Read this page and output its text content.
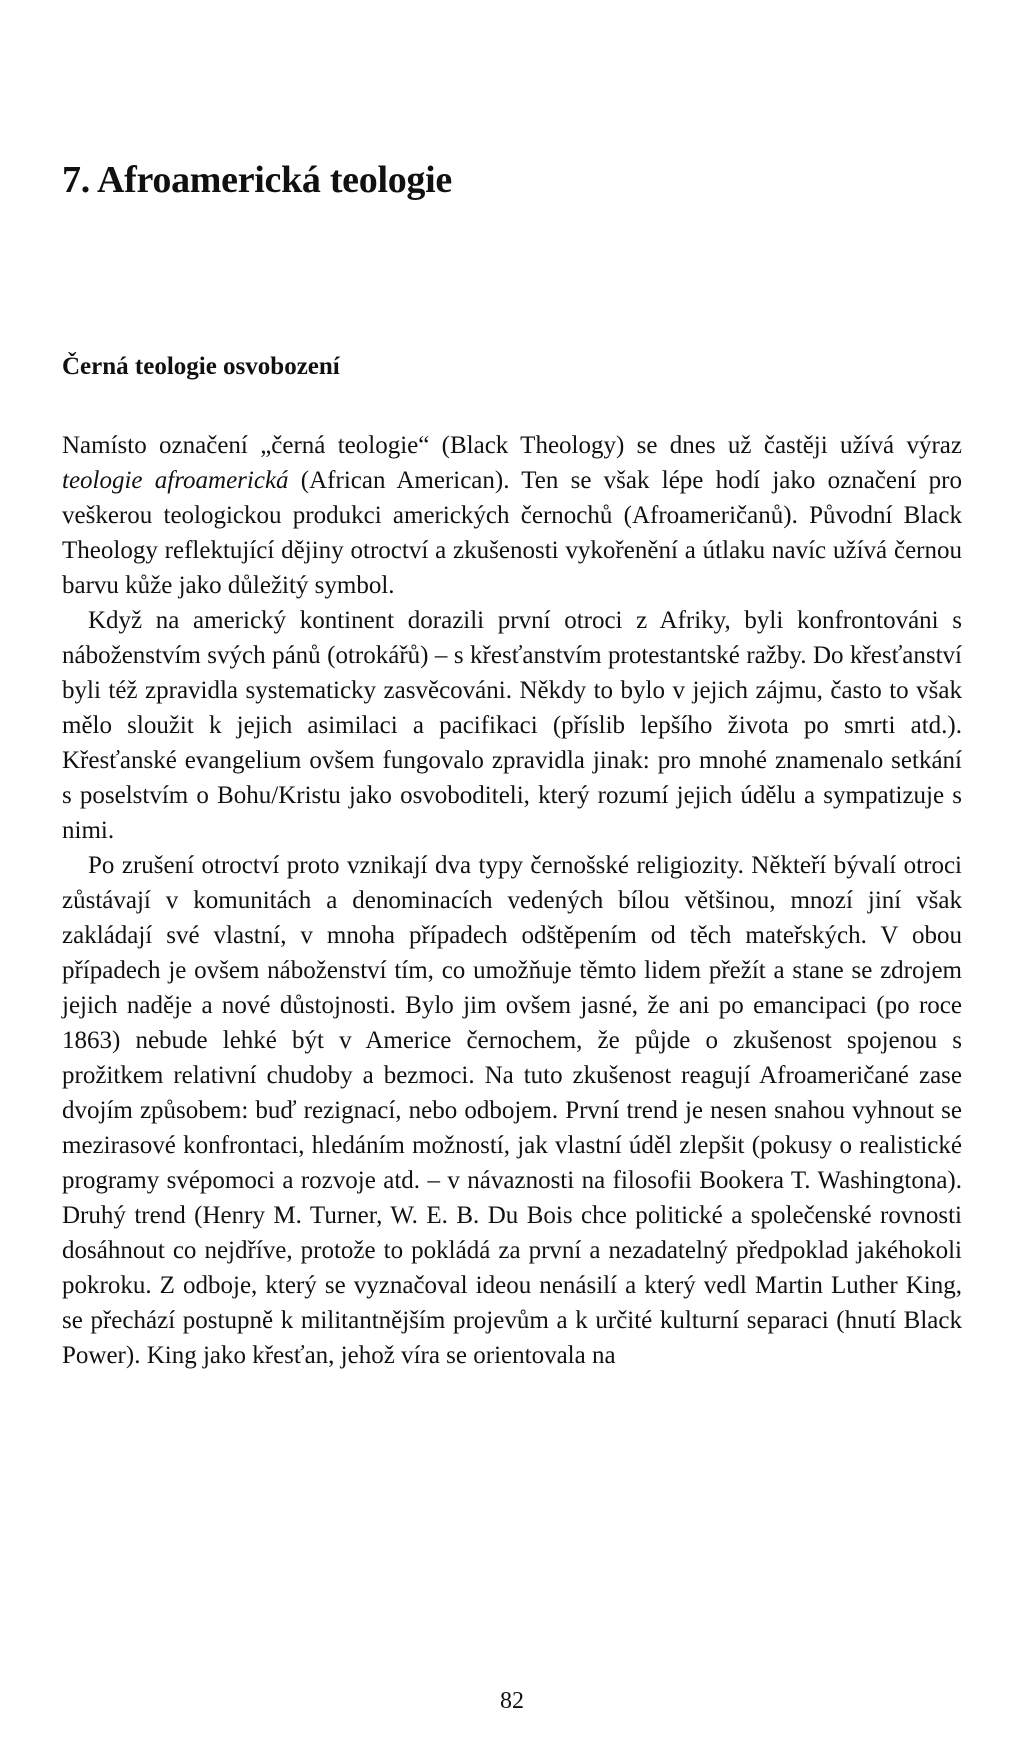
7. Afroamerická teologie
Černá teologie osvobození

Namísto označení „černá teologie“ (Black Theology) se dnes už častěji užívá výraz teologie afroamerická (African American). Ten se však lépe hodí jako označení pro veškerou teologickou produkci amerických černochů (Afroameričanů). Původní Black Theology reflektující dějiny otroctví a zkušenosti vykořenění a útlaku navíc užívá černou barvu kůže jako důležitý symbol.

Když na americký kontinent dorazili první otroci z Afriky, byli konfrontováni s náboženstvím svých pánů (otrokářů) – s křesťanstvím protestantské ražby. Do křesťanství byli též zpravidla systematicky zasvěcováni. Někdy to bylo v jejich zájmu, často to však mělo sloužit k jejich asimilaci a pacifikaci (příslib lepšího života po smrti atd.). Křesťanské evangelium ovšem fungovalo zpravidla jinak: pro mnohé znamenalo setkání s poselstvím o Bohu/Kristu jako osvoboditeli, který rozumí jejich údělu a sympatizuje s nimi.

Po zrušení otroctví proto vznikají dva typy černošské religiozity. Někteří bývalí otroci zůstávají v komunitách a denominacích vedených bílou většinou, mnozí jiní však zakládají své vlastní, v mnoha případech odštěpením od těch mateřských. V obou případech je ovšem náboženství tím, co umožňuje těmto lidem přežít a stane se zdrojem jejich naděje a nové důstojnosti. Bylo jim ovšem jasné, že ani po emancipaci (po roce 1863) nebude lehké být v Americe černochem, že půjde o zkušenost spojenou s prožitkem relativní chudoby a bezmoci. Na tuto zkušenost reagují Afroameričané zase dvojím způsobem: buď rezignací, nebo odbojem. První trend je nesen snahou vyhnout se mezirasové konfrontaci, hledáním možností, jak vlastní úděl zlepšit (pokusy o realistické programy svépomoci a rozvoje atd. – v návaznosti na filosofii Bookera T. Washingtona). Druhý trend (Henry M. Turner, W. E. B. Du Bois chce politické a společenské rovnosti dosáhnout co nejdříve, protože to pokládá za první a nezadatelný předpoklad jakéhokoli pokroku. Z odboje, který se vyznačoval ideou nenásilí a který vedl Martin Luther King, se přechází postupně k militantnějším projevům a k určité kulturní separaci (hnutí Black Power). King jako křesťan, jehož víra se orientovala na

82
